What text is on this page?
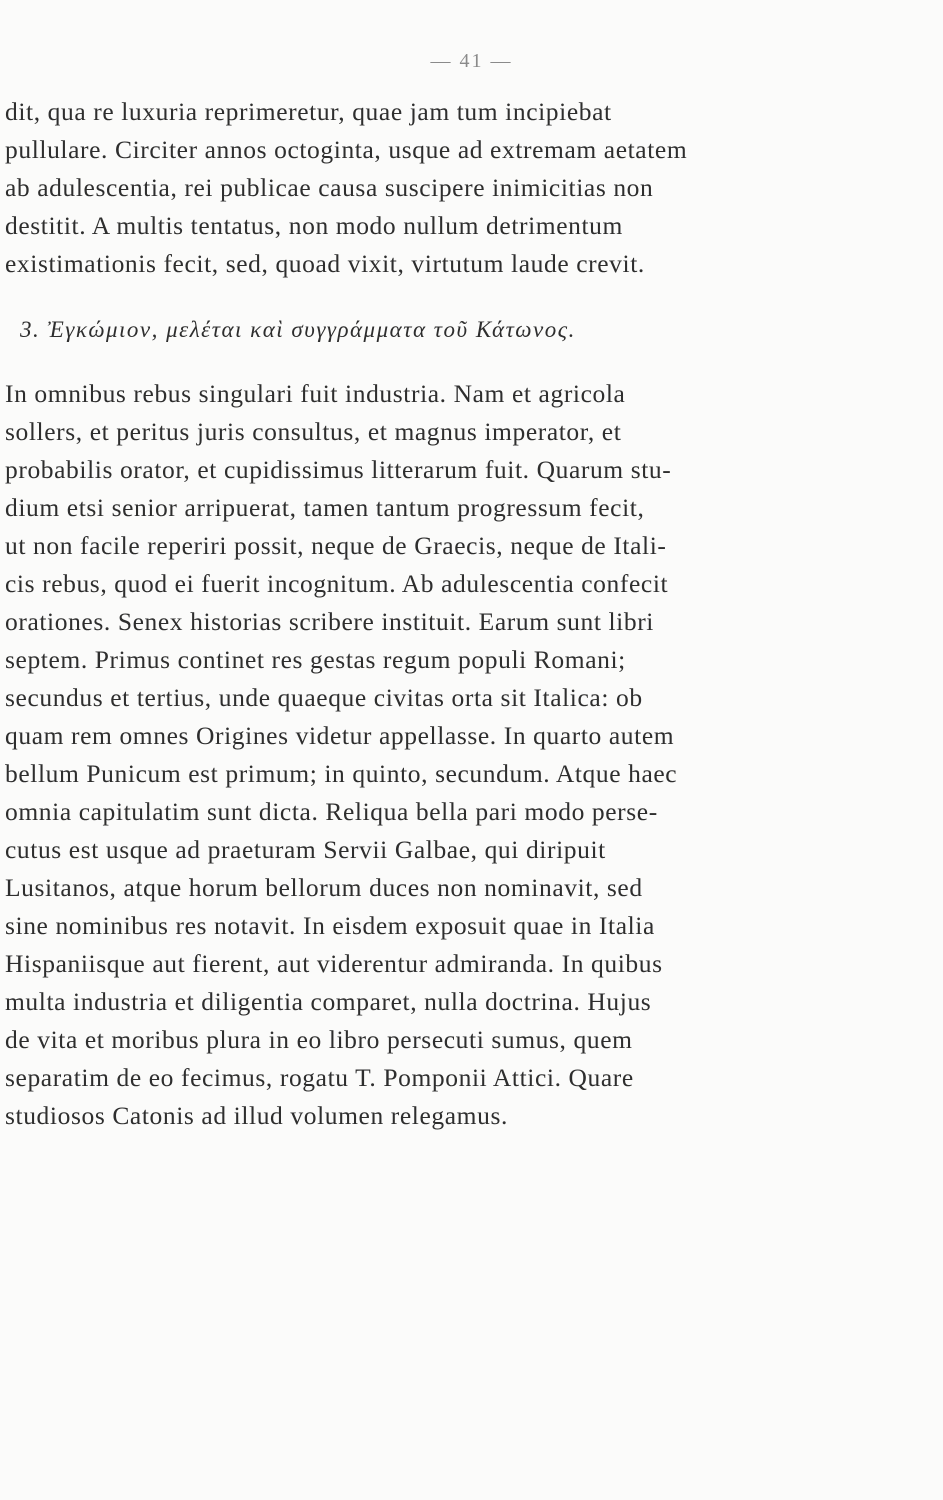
— 41 —
dit, qua re luxuria reprimeretur, quae jam tum incipiebat
pullulare. Circiter annos octoginta, usque ad extremam aetatem
ab adulescentia, rei publicae causa suscipere inimicitias non
destitit. A multis tentatus, non modo nullum detrimentum
existimationis fecit, sed, quoad vixit, virtutum laude crevit.
3. Ἐγκώμιον, μελέται καὶ συγγράμματα τοῦ Κάτωνος.
In omnibus rebus singulari fuit industria. Nam et agricola
sollers, et peritus juris consultus, et magnus imperator, et
probabilis orator, et cupidissimus litterarum fuit. Quarum stu-
dium etsi senior arripuerat, tamen tantum progressum fecit,
ut non facile reperiri possit, neque de Graecis, neque de Itali-
cis rebus, quod ei fuerit incognitum. Ab adulescentia confecit
orationes. Senex historias scribere instituit. Earum sunt libri
septem. Primus continet res gestas regum populi Romani;
secundus et tertius, unde quaeque civitas orta sit Italica: ob
quam rem omnes Origines videtur appellasse. In quarto autem
bellum Punicum est primum; in quinto, secundum. Atque haec
omnia capitulatim sunt dicta. Reliqua bella pari modo perse-
cutus est usque ad praeturam Servii Galbae, qui diripuit
Lusitanos, atque horum bellorum duces non nominavit, sed
sine nominibus res notavit. In eisdem exposuit quae in Italia
Hispaniisque aut fierent, aut viderentur admiranda. In quibus
multa industria et diligentia comparet, nulla doctrina. Hujus
de vita et moribus plura in eo libro persecuti sumus, quem
separatim de eo fecimus, rogatu T. Pomponii Attici. Quare
studiosos Catonis ad illud volumen relegamus.
